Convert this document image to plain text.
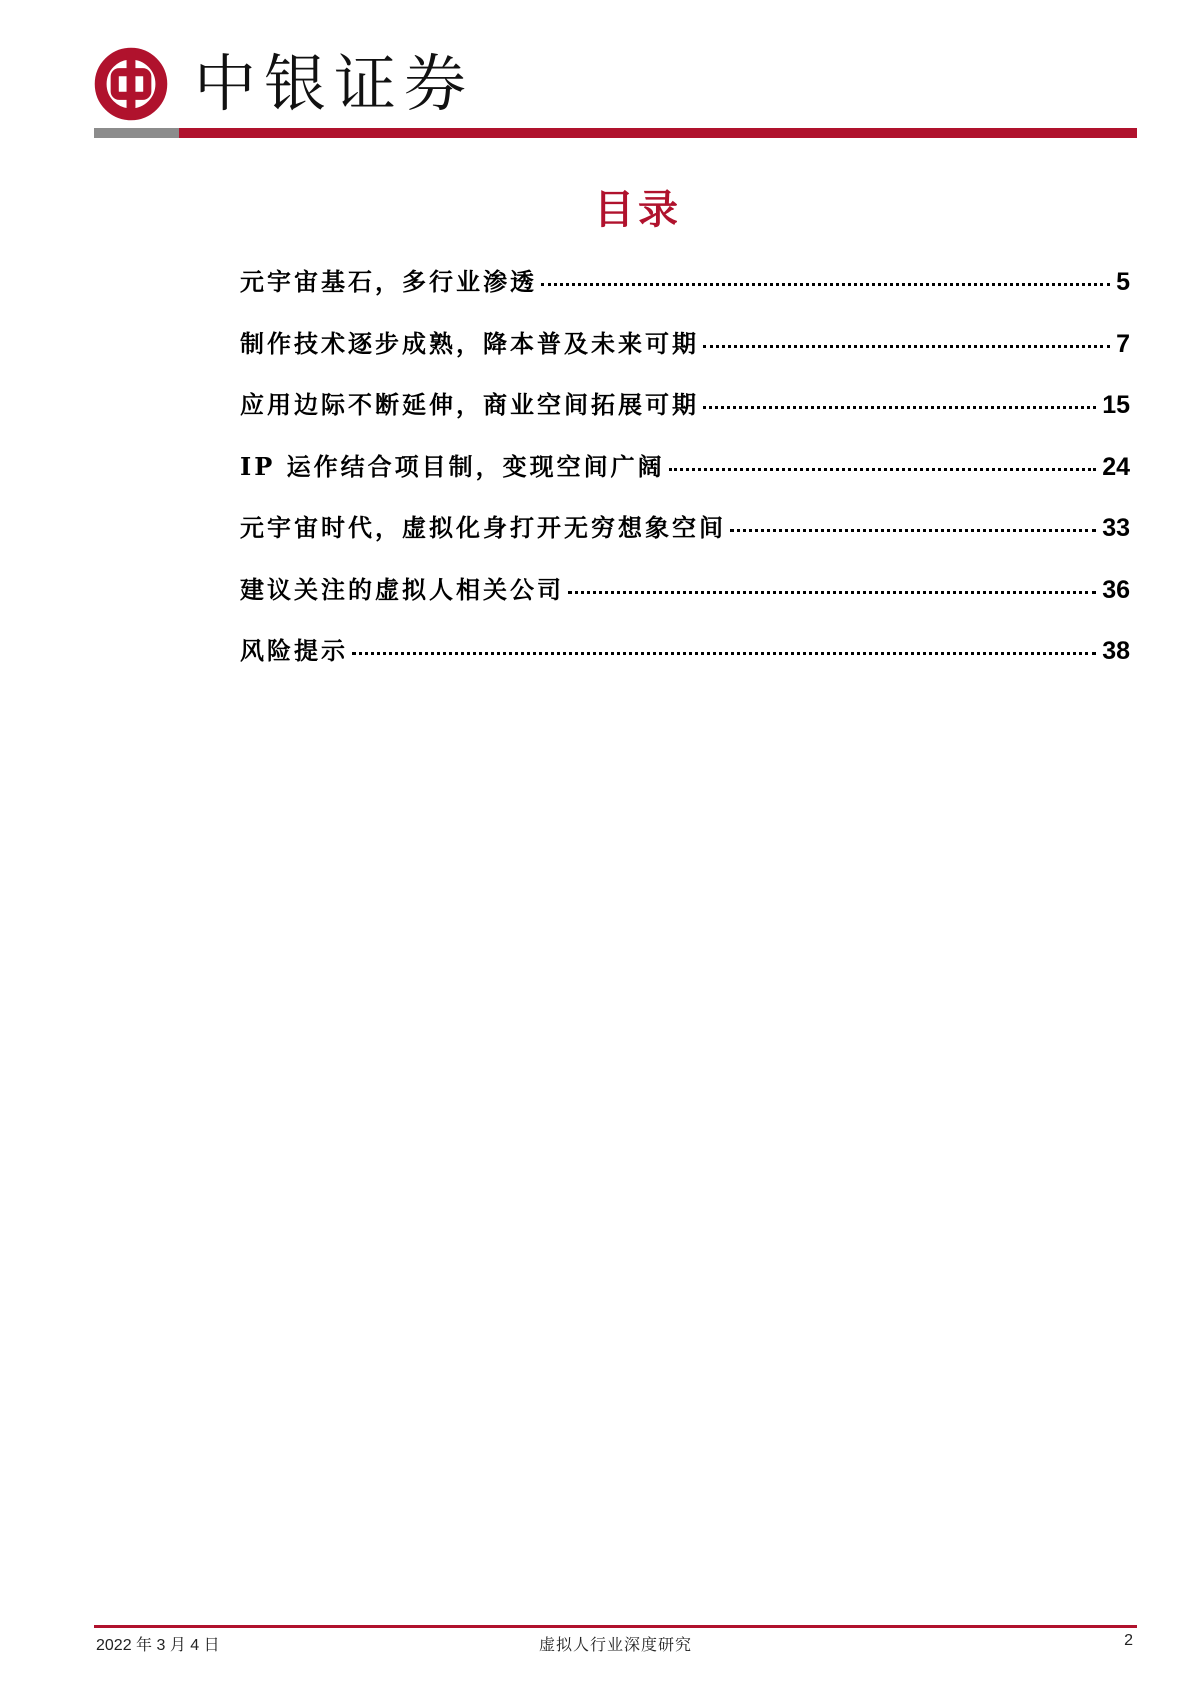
中银证券
目录
元宇宙基石，多行业渗透	5
制作技术逐步成熟，降本普及未来可期	7
应用边际不断延伸，商业空间拓展可期	15
IP 运作结合项目制，变现空间广阔	24
元宇宙时代，虚拟化身打开无穷想象空间	33
建议关注的虚拟人相关公司	36
风险提示	38
2022 年 3 月 4 日	虚拟人行业深度研究	2
